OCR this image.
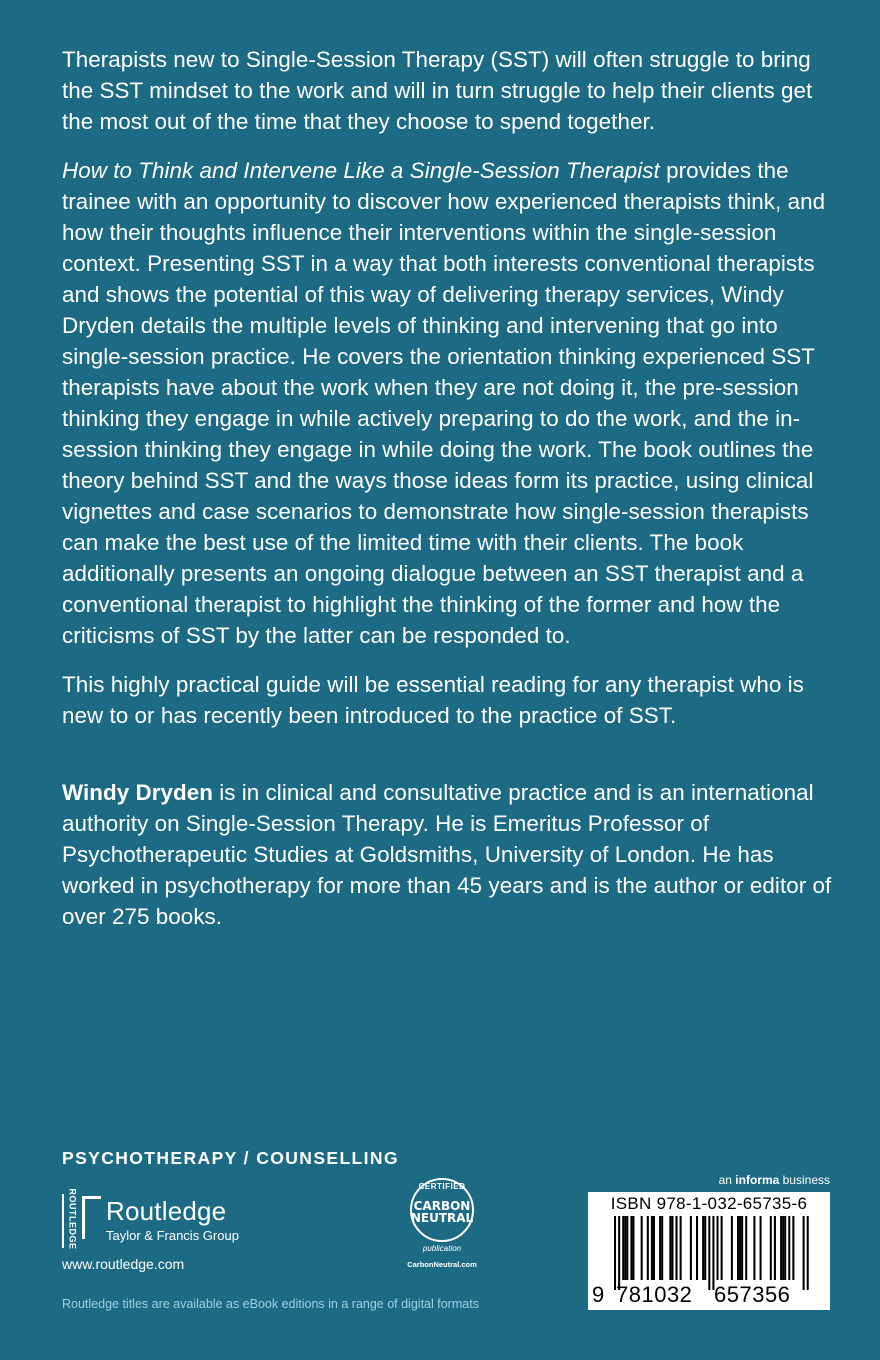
Therapists new to Single-Session Therapy (SST) will often struggle to bring the SST mindset to the work and will in turn struggle to help their clients get the most out of the time that they choose to spend together.

How to Think and Intervene Like a Single-Session Therapist provides the trainee with an opportunity to discover how experienced therapists think, and how their thoughts influence their interventions within the single-session context. Presenting SST in a way that both interests conventional therapists and shows the potential of this way of delivering therapy services, Windy Dryden details the multiple levels of thinking and intervening that go into single-session practice. He covers the orientation thinking experienced SST therapists have about the work when they are not doing it, the pre-session thinking they engage in while actively preparing to do the work, and the in-session thinking they engage in while doing the work. The book outlines the theory behind SST and the ways those ideas form its practice, using clinical vignettes and case scenarios to demonstrate how single-session therapists can make the best use of the limited time with their clients. The book additionally presents an ongoing dialogue between an SST therapist and a conventional therapist to highlight the thinking of the former and how the criticisms of SST by the latter can be responded to.

This highly practical guide will be essential reading for any therapist who is new to or has recently been introduced to the practice of SST.

Windy Dryden is in clinical and consultative practice and is an international authority on Single-Session Therapy. He is Emeritus Professor of Psychotherapeutic Studies at Goldsmiths, University of London. He has worked in psychotherapy for more than 45 years and is the author or editor of over 275 books.

PSYCHOTHERAPY / COUNSELLING
ROUTLEDGE Routledge
Taylor & Francis Group
www.routledge.com
Routledge titles are available as eBook editions in a range of digital formats
CERTIFIED
CARBON
NEUTRAL
publication
CarbonNeutral.com
an informa business
ISBN 978-1-032-65735-6
9 781032 657356
